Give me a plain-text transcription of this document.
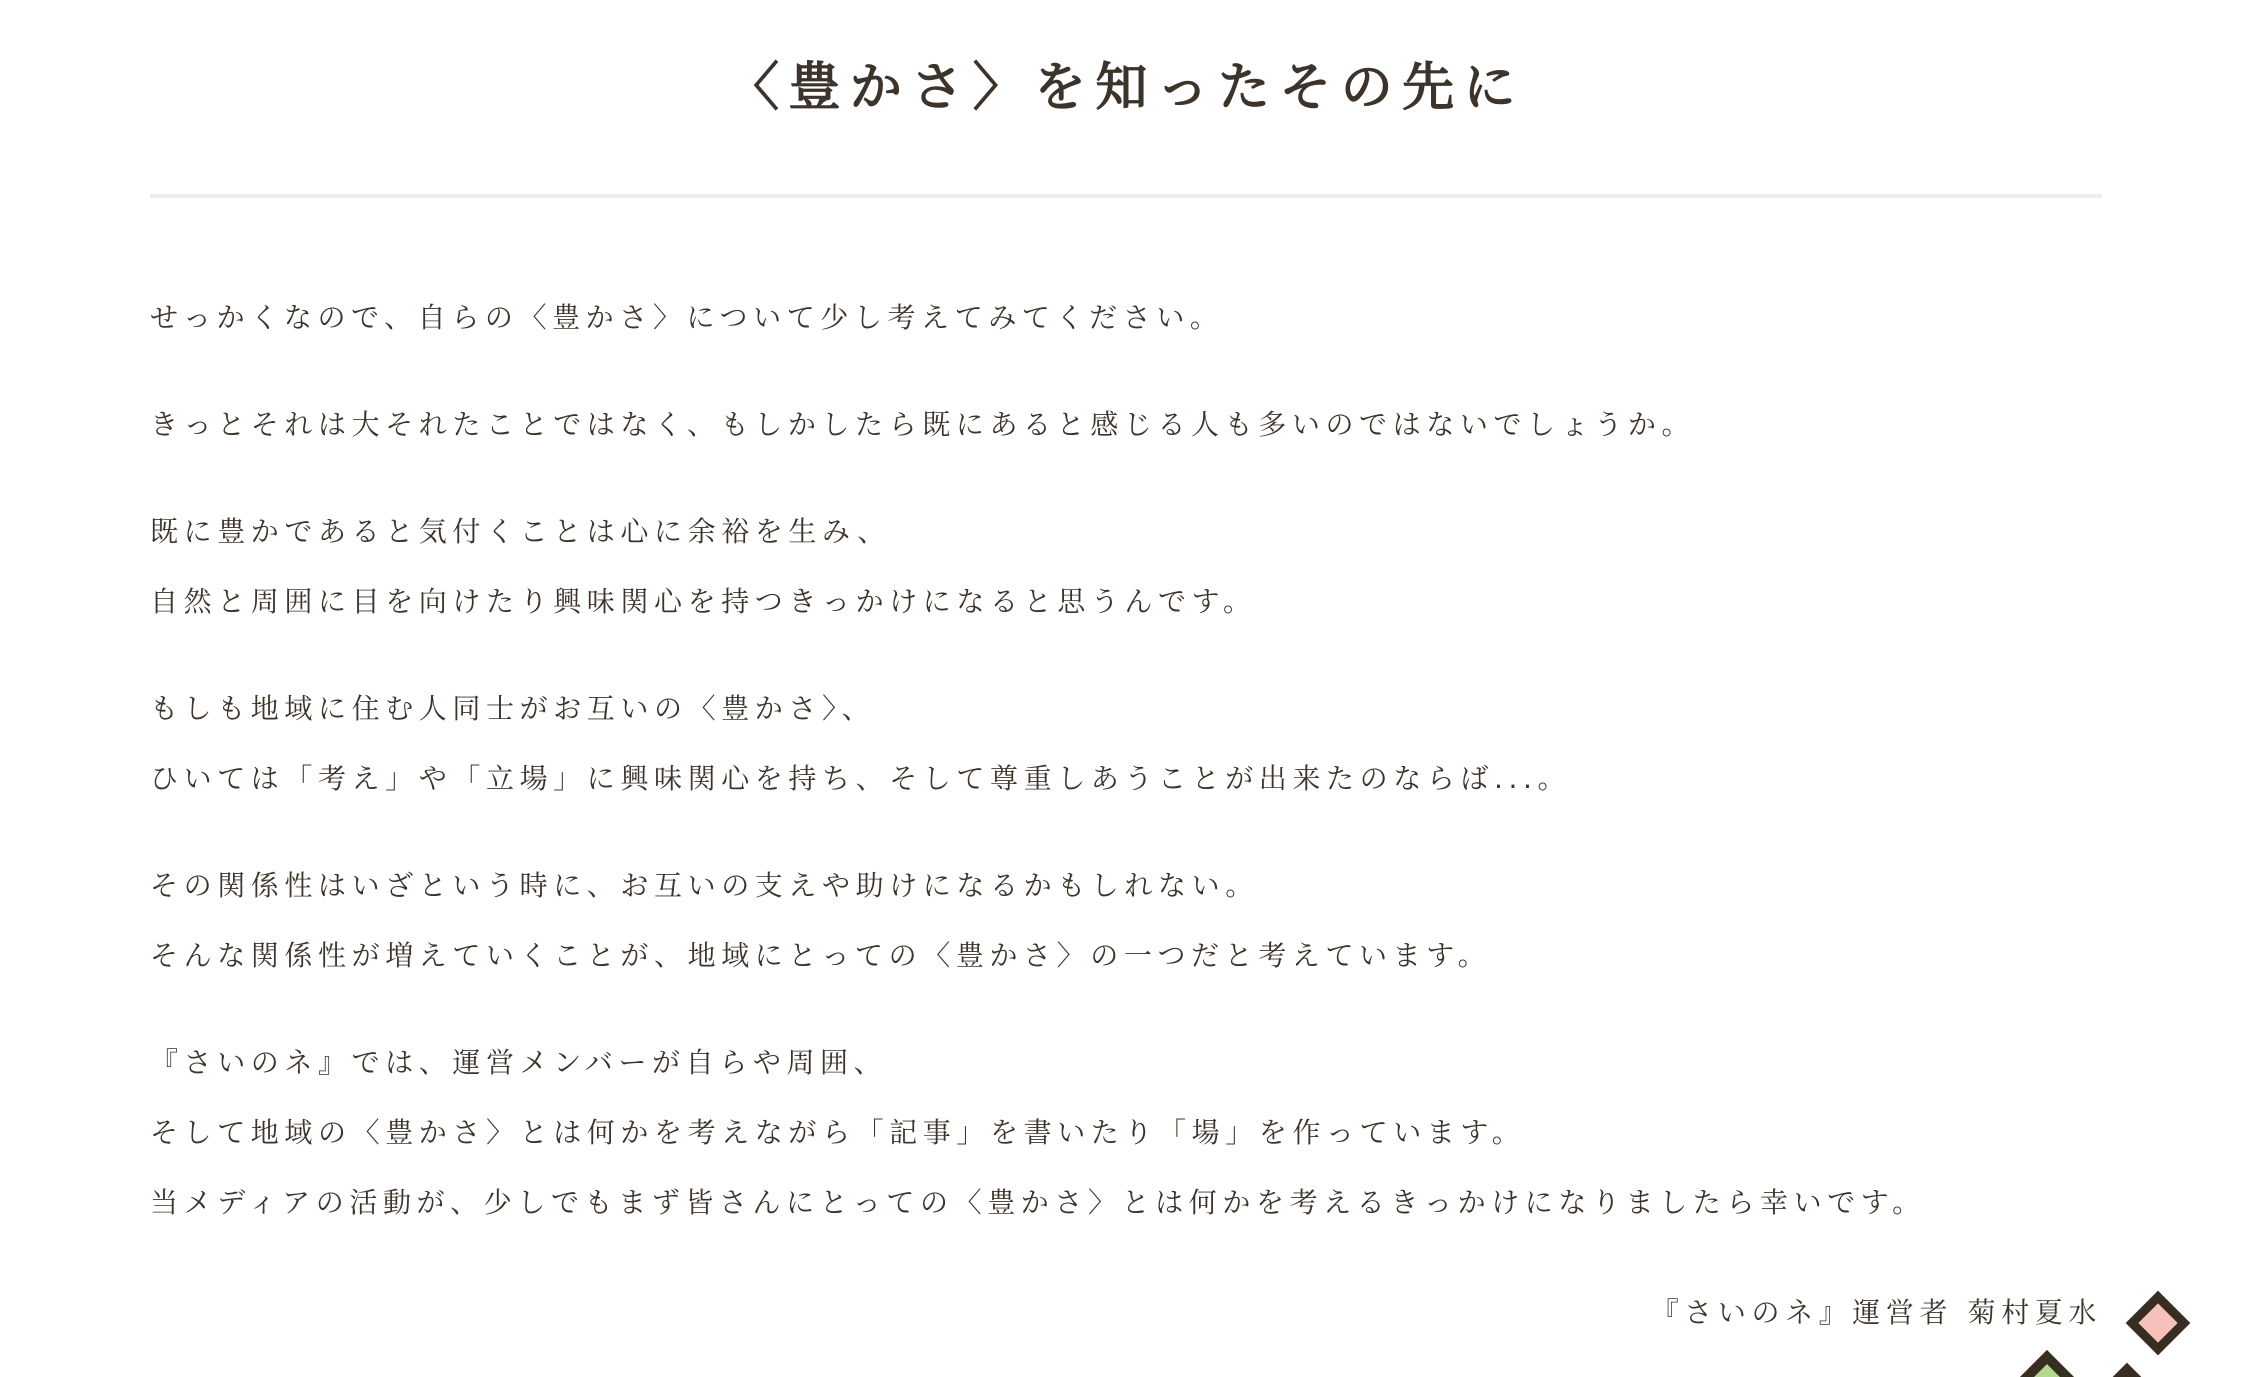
〈豊かさ〉を知ったその先に

せっかくなので、自らの〈豊かさ〉について少し考えてみてください。

きっとそれは大それたことではなく、もしかしたら既にあると感じる人も多いのではないでしょうか。

既に豊かであると気付くことは心に余裕を生み、
自然と周囲に目を向けたり興味関心を持つきっかけになると思うんです。

もしも地域に住む人同士がお互いの〈豊かさ〉、
ひいては「考え」や「立場」に興味関心を持ち、そして尊重しあうことが出来たのならば...。

その関係性はいざという時に、お互いの支えや助けになるかもしれない。
そんな関係性が増えていくことが、地域にとっての〈豊かさ〉の一つだと考えています。

『さいのネ』では、運営メンバーが自らや周囲、
そして地域の〈豊かさ〉とは何かを考えながら「記事」を書いたり「場」を作っています。
当メディアの活動が、少しでもまず皆さんにとっての〈豊かさ〉とは何かを考えるきっかけになりましたら幸いです。

『さいのネ』運営者 菊村夏水
